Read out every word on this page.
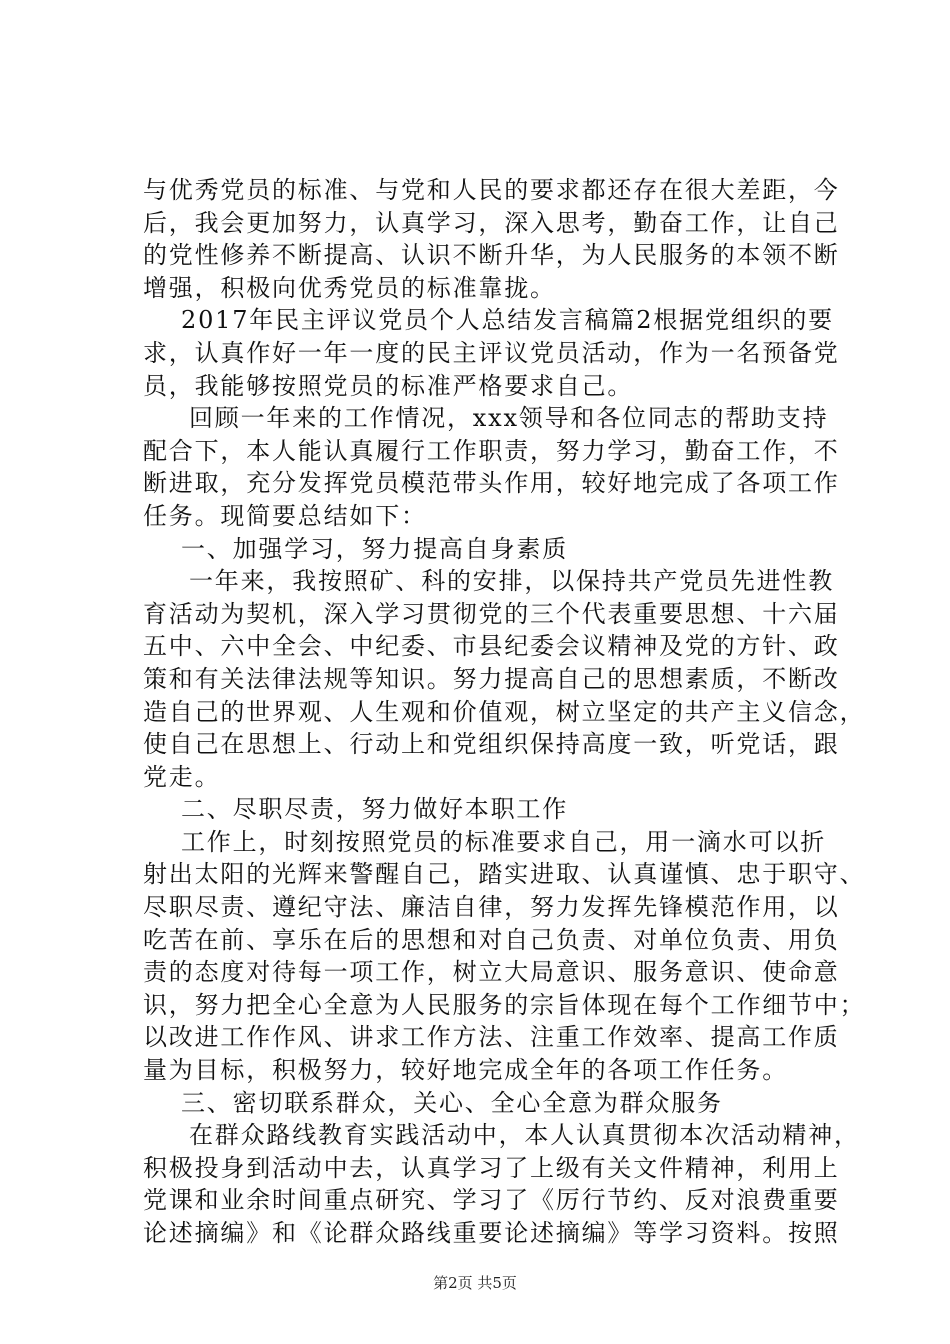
与优秀党员的标准、与党和人民的要求都还存在很大差距，今
后，我会更加努力，认真学习，深入思考，勤奋工作，让自己
的党性修养不断提高、认识不断升华，为人民服务的本领不断
增强，积极向优秀党员的标准靠拢。
2017年民主评议党员个人总结发言稿篇2根据党组织的要
求，认真作好一年一度的民主评议党员活动，作为一名预备党
员，我能够按照党员的标准严格要求自己。
回顾一年来的工作情况，xxx领导和各位同志的帮助支持
配合下，本人能认真履行工作职责，努力学习，勤奋工作，不
断进取，充分发挥党员模范带头作用，较好地完成了各项工作
任务。现简要总结如下：
一、加强学习，努力提高自身素质
一年来，我按照矿、科的安排，以保持共产党员先进性教
育活动为契机，深入学习贯彻党的三个代表重要思想、十六届
五中、六中全会、中纪委、市县纪委会议精神及党的方针、政
策和有关法律法规等知识。努力提高自己的思想素质，不断改
造自己的世界观、人生观和价值观，树立坚定的共产主义信念，
使自己在思想上、行动上和党组织保持高度一致，听党话，跟
党走。
二、尽职尽责，努力做好本职工作
工作上，时刻按照党员的标准要求自己，用一滴水可以折
射出太阳的光辉来警醒自己，踏实进取、认真谨慎、忠于职守、
尽职尽责、遵纪守法、廉洁自律，努力发挥先锋模范作用，以
吃苦在前、享乐在后的思想和对自己负责、对单位负责、用负
责的态度对待每一项工作，树立大局意识、服务意识、使命意
识，努力把全心全意为人民服务的宗旨体现在每个工作细节中；
以改进工作作风、讲求工作方法、注重工作效率、提高工作质
量为目标，积极努力，较好地完成全年的各项工作任务。
三、密切联系群众，关心、全心全意为群众服务
在群众路线教育实践活动中，本人认真贯彻本次活动精神，
积极投身到活动中去，认真学习了上级有关文件精神，利用上
党课和业余时间重点研究、学习了《厉行节约、反对浪费重要
论述摘编》和《论群众路线重要论述摘编》等学习资料。按照
第2页 共5页
